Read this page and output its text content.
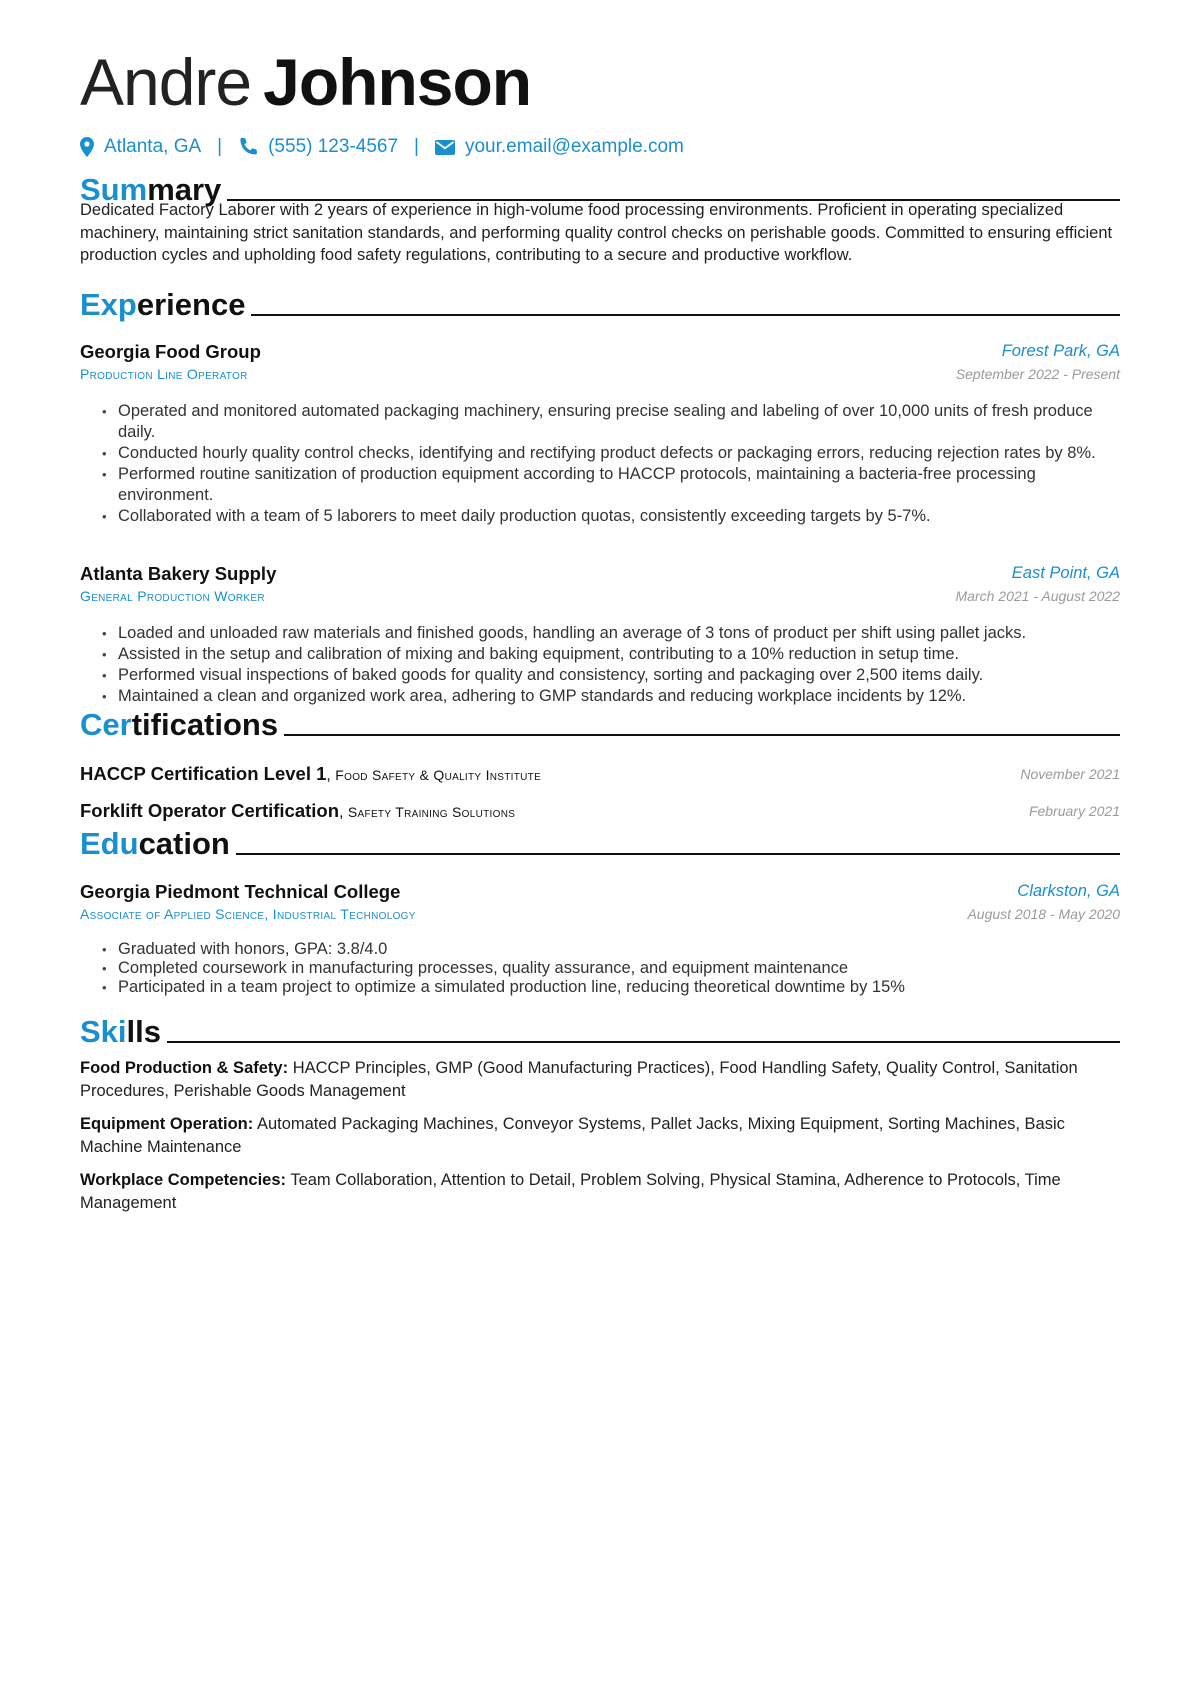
Andre Johnson
Atlanta, GA | (555) 123-4567 | your.email@example.com
Summary
Dedicated Factory Laborer with 2 years of experience in high-volume food processing environments. Proficient in operating specialized machinery, maintaining strict sanitation standards, and performing quality control checks on perishable goods. Committed to ensuring efficient production cycles and upholding food safety regulations, contributing to a secure and productive workflow.
Experience
Georgia Food Group	Forest Park, GA
Production Line Operator	September 2022 - Present
• Operated and monitored automated packaging machinery, ensuring precise sealing and labeling of over 10,000 units of fresh produce daily.
• Conducted hourly quality control checks, identifying and rectifying product defects or packaging errors, reducing rejection rates by 8%.
• Performed routine sanitization of production equipment according to HACCP protocols, maintaining a bacteria-free processing environment.
• Collaborated with a team of 5 laborers to meet daily production quotas, consistently exceeding targets by 5-7%.
Atlanta Bakery Supply	East Point, GA
General Production Worker	March 2021 - August 2022
• Loaded and unloaded raw materials and finished goods, handling an average of 3 tons of product per shift using pallet jacks.
• Assisted in the setup and calibration of mixing and baking equipment, contributing to a 10% reduction in setup time.
• Performed visual inspections of baked goods for quality and consistency, sorting and packaging over 2,500 items daily.
• Maintained a clean and organized work area, adhering to GMP standards and reducing workplace incidents by 12%.
Certifications
HACCP Certification Level 1, Food Safety & Quality Institute	November 2021
Forklift Operator Certification, Safety Training Solutions	February 2021
Education
Georgia Piedmont Technical College	Clarkston, GA
Associate of Applied Science, Industrial Technology	August 2018 - May 2020
• Graduated with honors, GPA: 3.8/4.0
• Completed coursework in manufacturing processes, quality assurance, and equipment maintenance
• Participated in a team project to optimize a simulated production line, reducing theoretical downtime by 15%
Skills
Food Production & Safety: HACCP Principles, GMP (Good Manufacturing Practices), Food Handling Safety, Quality Control, Sanitation Procedures, Perishable Goods Management
Equipment Operation: Automated Packaging Machines, Conveyor Systems, Pallet Jacks, Mixing Equipment, Sorting Machines, Basic Machine Maintenance
Workplace Competencies: Team Collaboration, Attention to Detail, Problem Solving, Physical Stamina, Adherence to Protocols, Time Management
